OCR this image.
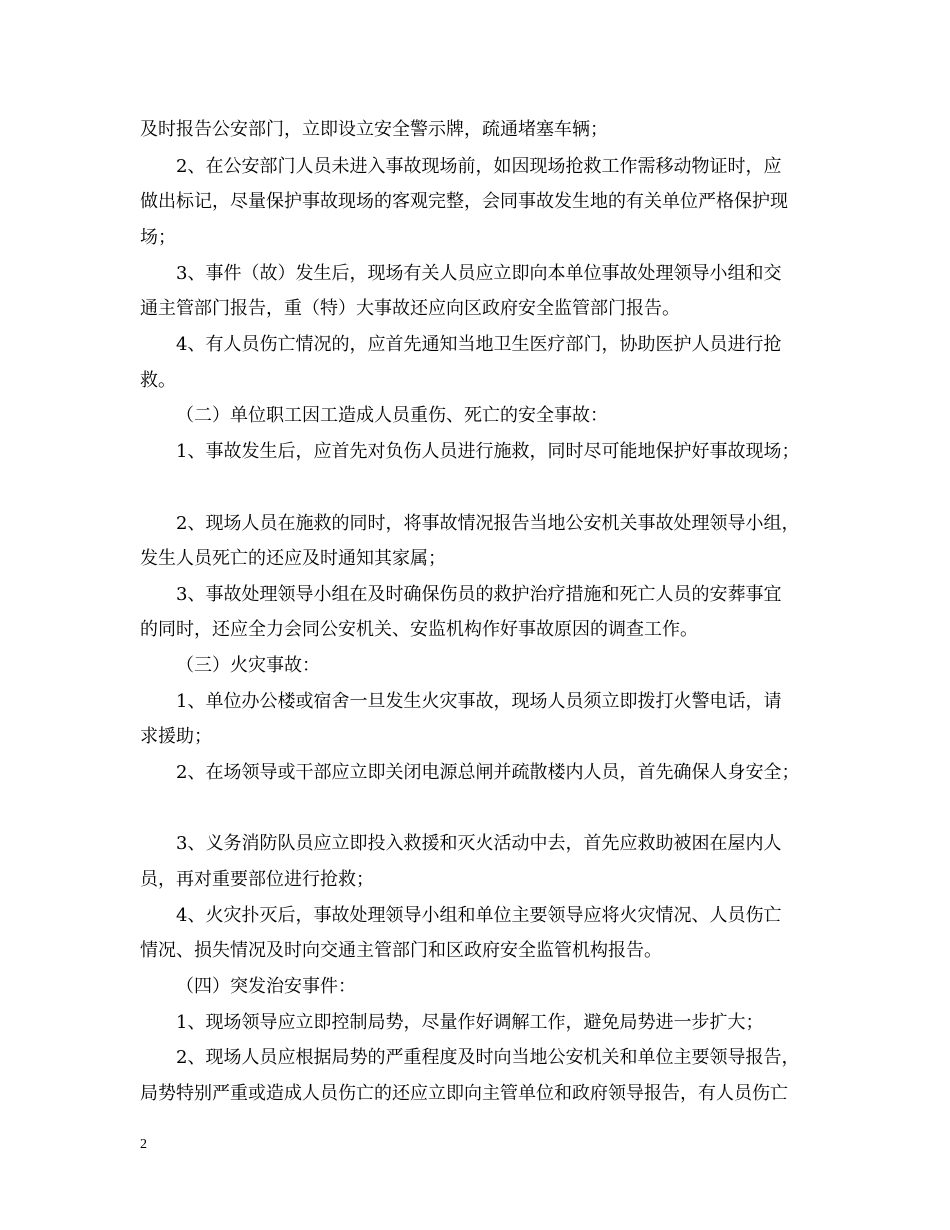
及时报告公安部门，立即设立安全警示牌，疏通堵塞车辆；
2、在公安部门人员未进入事故现场前，如因现场抢救工作需移动物证时，应
做出标记，尽量保护事故现场的客观完整，会同事故发生地的有关单位严格保护现
场；
3、事件（故）发生后，现场有关人员应立即向本单位事故处理领导小组和交
通主管部门报告，重（特）大事故还应向区政府安全监管部门报告。
4、有人员伤亡情况的，应首先通知当地卫生医疗部门，协助医护人员进行抢
救。
（二）单位职工因工造成人员重伤、死亡的安全事故：
1、事故发生后，应首先对负伤人员进行施救，同时尽可能地保护好事故现场；
2、现场人员在施救的同时，将事故情况报告当地公安机关事故处理领导小组，
发生人员死亡的还应及时通知其家属；
3、事故处理领导小组在及时确保伤员的救护治疗措施和死亡人员的安葬事宜
的同时，还应全力会同公安机关、安监机构作好事故原因的调查工作。
（三）火灾事故：
1、单位办公楼或宿舍一旦发生火灾事故，现场人员须立即拨打火警电话，请
求援助；
2、在场领导或干部应立即关闭电源总闸并疏散楼内人员，首先确保人身安全；
3、义务消防队员应立即投入救援和灭火活动中去，首先应救助被困在屋内人
员，再对重要部位进行抢救；
4、火灾扑灭后，事故处理领导小组和单位主要领导应将火灾情况、人员伤亡
情况、损失情况及时向交通主管部门和区政府安全监管机构报告。
（四）突发治安事件：
1、现场领导应立即控制局势，尽量作好调解工作，避免局势进一步扩大；
2、现场人员应根据局势的严重程度及时向当地公安机关和单位主要领导报告，
局势特别严重或造成人员伤亡的还应立即向主管单位和政府领导报告，有人员伤亡
2
